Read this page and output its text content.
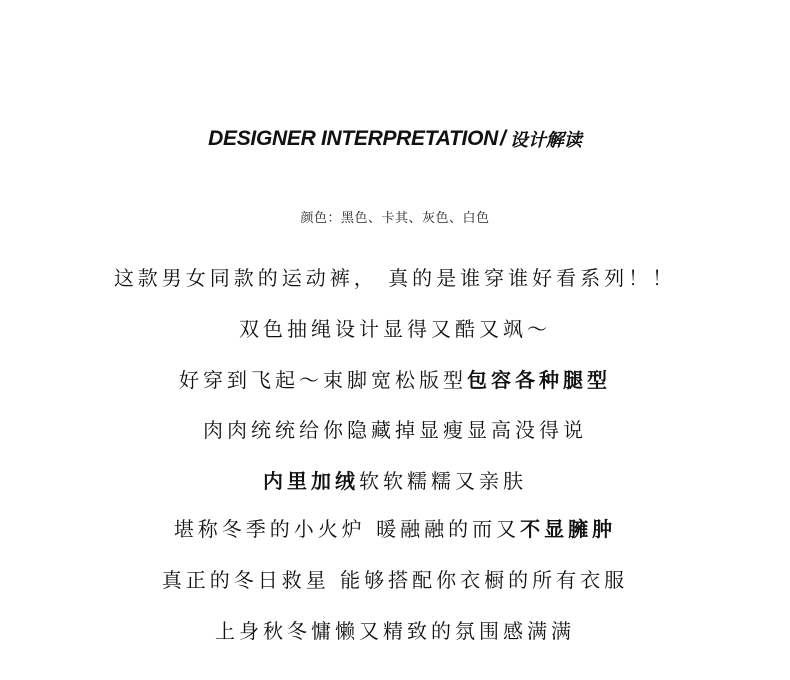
DESIGNER INTERPRETATION/ 设计解读
颜色：黑色、卡其、灰色、白色
这款男女同款的运动裤， 真的是谁穿谁好看系列！！
双色抽绳设计显得又酷又飒～
好穿到飞起～束脚宽松版型包容各种腿型
肉肉统统给你隐藏掉显瘦显高没得说
内里加绒软软糯糯又亲肤
堪称冬季的小火炉 暖融融的而又不显臃肿
真正的冬日救星 能够搭配你衣橱的所有衣服
上身秋冬慵懒又精致的氛围感满满
